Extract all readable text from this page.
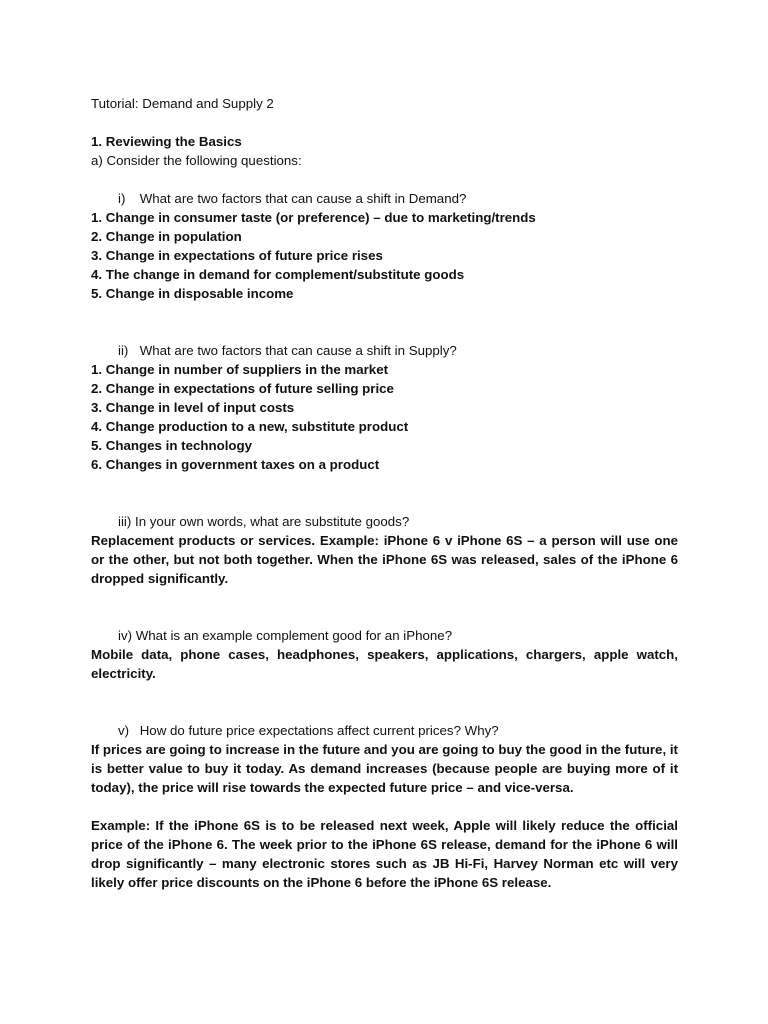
Tutorial: Demand and Supply 2

1. Reviewing the Basics

a) Consider the following questions:

i) What are two factors that can cause a shift in Demand?

1. Change in consumer taste (or preference) – due to marketing/trends
2. Change in population
3. Change in expectations of future price rises
4. The change in demand for complement/substitute goods
5. Change in disposable income

ii) What are two factors that can cause a shift in Supply?

1. Change in number of suppliers in the market
2. Change in expectations of future selling price
3. Change in level of input costs
4. Change production to a new, substitute product
5. Changes in technology
6. Changes in government taxes on a product

iii) In your own words, what are substitute goods?

Replacement products or services. Example: iPhone 6 v iPhone 6S – a person will use one or the other, but not both together. When the iPhone 6S was released, sales of the iPhone 6 dropped significantly.

iv) What is an example complement good for an iPhone?

Mobile data, phone cases, headphones, speakers, applications, chargers, apple watch, electricity.

v) How do future price expectations affect current prices? Why?

If prices are going to increase in the future and you are going to buy the good in the future, it is better value to buy it today. As demand increases (because people are buying more of it today), the price will rise towards the expected future price – and vice-versa.

Example: If the iPhone 6S is to be released next week, Apple will likely reduce the official price of the iPhone 6. The week prior to the iPhone 6S release, demand for the iPhone 6 will drop significantly – many electronic stores such as JB Hi-Fi, Harvey Norman etc will very likely offer price discounts on the iPhone 6 before the iPhone 6S release.
